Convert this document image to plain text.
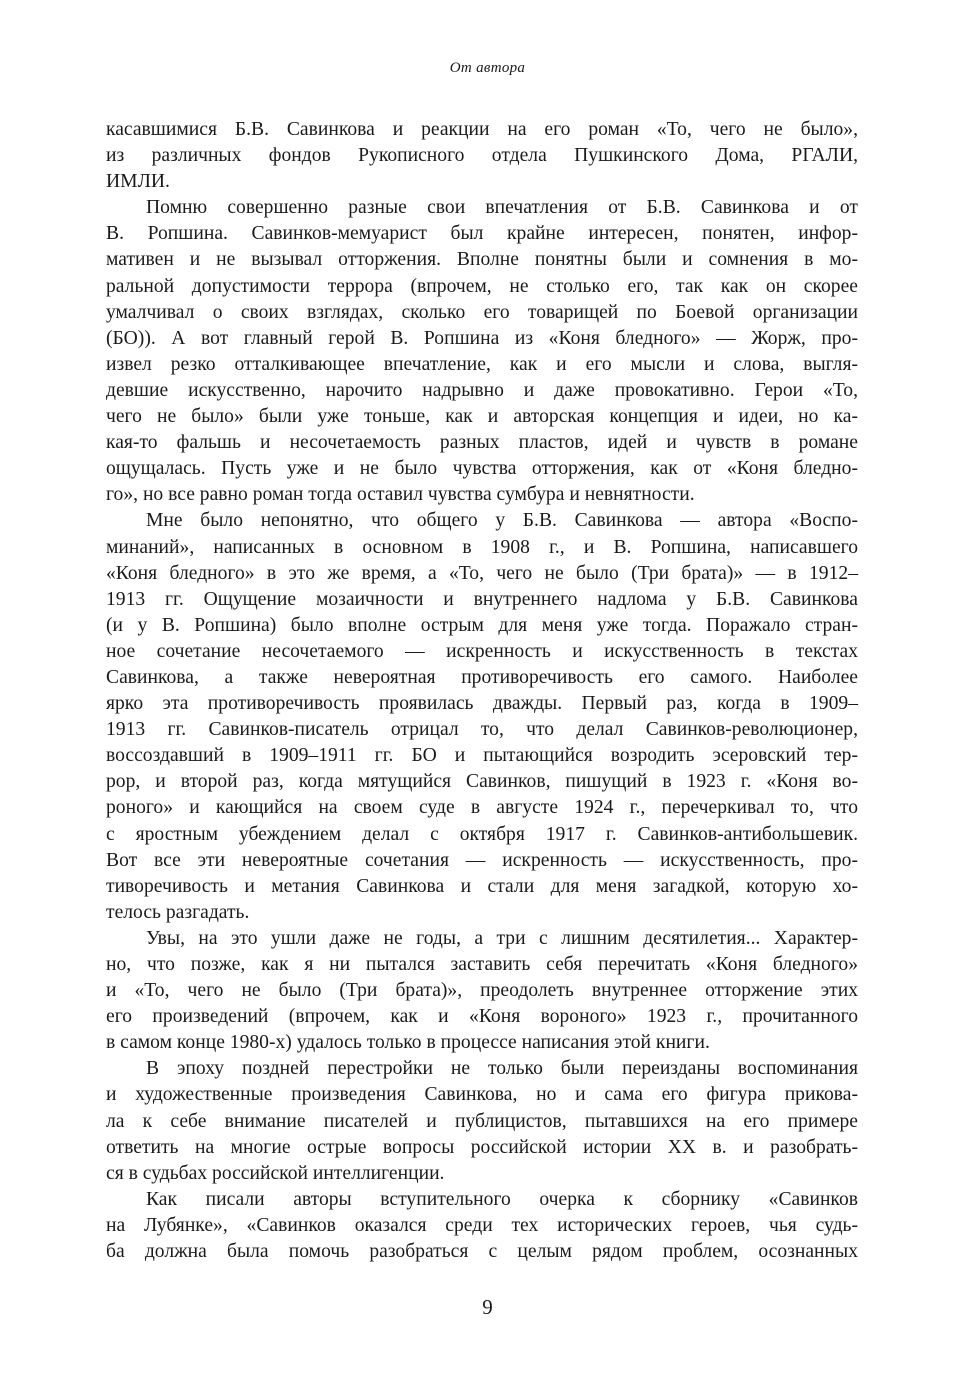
От автора
касавшимися Б.В. Савинкова и реакции на его роман «То, чего не было»,
из различных фондов Рукописного отдела Пушкинского Дома, РГАЛИ,
ИМЛИ.
Помню совершенно разные свои впечатления от Б.В. Савинкова и от
В. Ропшина. Савинков-мемуарист был крайне интересен, понятен, инфор-
мативен и не вызывал отторжения. Вполне понятны были и сомнения в мо-
ральной допустимости террора (впрочем, не столько его, так как он скорее
умалчивал о своих взглядах, сколько его товарищей по Боевой организации
(БО)). А вот главный герой В. Ропшина из «Коня бледного» — Жорж, про-
извел резко отталкивающее впечатление, как и его мысли и слова, выгля-
девшие искусственно, нарочито надрывно и даже провокативно. Герои «То,
чего не было» были уже тоньше, как и авторская концепция и идеи, но ка-
кая-то фальшь и несочетаемость разных пластов, идей и чувств в романе
ощущалась. Пусть уже и не было чувства отторжения, как от «Коня бледно-
го», но все равно роман тогда оставил чувства сумбура и невнятности.
Мне было непонятно, что общего у Б.В. Савинкова — автора «Воспо-
минаний», написанных в основном в 1908 г., и В. Ропшина, написавшего
«Коня бледного» в это же время, а «То, чего не было (Три брата)» — в 1912–
1913 гг. Ощущение мозаичности и внутреннего надлома у Б.В. Савинкова
(и у В. Ропшина) было вполне острым для меня уже тогда. Поражало стран-
ное сочетание несочетаемого — искренность и искусственность в текстах
Савинкова, а также невероятная противоречивость его самого. Наиболее
ярко эта противоречивость проявилась дважды. Первый раз, когда в 1909–
1913 гг. Савинков-писатель отрицал то, что делал Савинков-революционер,
воссоздавший в 1909–1911 гг. БО и пытающийся возродить эсеровский тер-
рор, и второй раз, когда мятущийся Савинков, пишущий в 1923 г. «Коня во-
роного» и кающийся на своем суде в августе 1924 г., перечеркивал то, что
с яростным убеждением делал с октября 1917 г. Савинков-антибольшевик.
Вот все эти невероятные сочетания — искренность — искусственность, про-
тиворечивость и метания Савинкова и стали для меня загадкой, которую хо-
телось разгадать.
Увы, на это ушли даже не годы, а три с лишним десятилетия... Характер-
но, что позже, как я ни пытался заставить себя перечитать «Коня бледного»
и «То, чего не было (Три брата)», преодолеть внутреннее отторжение этих
его произведений (впрочем, как и «Коня вороного» 1923 г., прочитанного
в самом конце 1980-х) удалось только в процессе написания этой книги.
В эпоху поздней перестройки не только были переизданы воспоминания
и художественные произведения Савинкова, но и сама его фигура прикова-
ла к себе внимание писателей и публицистов, пытавшихся на его примере
ответить на многие острые вопросы российской истории XX в. и разобрать-
ся в судьбах российской интеллигенции.
Как писали авторы вступительного очерка к сборнику «Савинков
на Лубянке», «Савинков оказался среди тех исторических героев, чья судь-
ба должна была помочь разобраться с целым рядом проблем, осознанных
9
